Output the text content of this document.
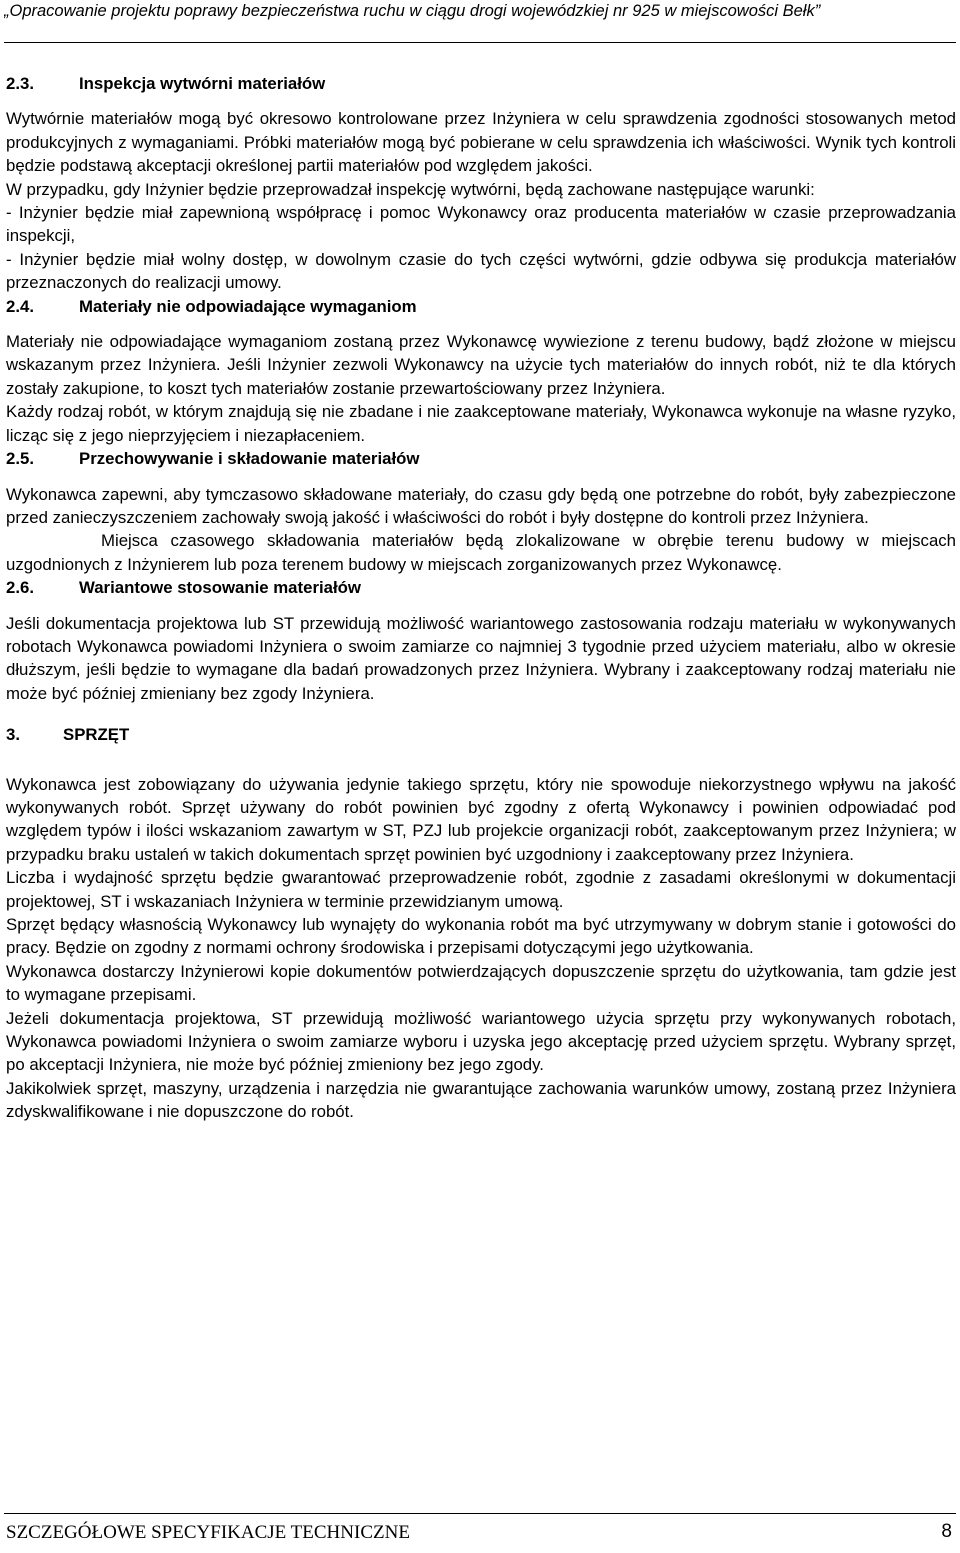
„Opracowanie projektu poprawy bezpieczeństwa ruchu w ciągu drogi wojewódzkiej nr 925 w miejscowości Bełk”

2.3.	Inspekcja wytwórni materiałów

Wytwórnie materiałów mogą być okresowo kontrolowane przez Inżyniera w celu sprawdzenia zgodności stosowanych metod produkcyjnych z wymaganiami. Próbki materiałów mogą być pobierane w celu sprawdzenia ich właściwości. Wynik tych kontroli będzie podstawą akceptacji określonej partii materiałów pod względem jakości.

W przypadku, gdy Inżynier będzie przeprowadzał inspekcję wytwórni, będą zachowane następujące warunki:

- Inżynier będzie miał zapewnioną współpracę i pomoc Wykonawcy oraz producenta materiałów w czasie przeprowadzania inspekcji,

- Inżynier będzie miał wolny dostęp, w dowolnym czasie do tych części wytwórni, gdzie odbywa się produkcja materiałów przeznaczonych do realizacji umowy.

2.4.	Materiały nie odpowiadające wymaganiom

Materiały nie odpowiadające wymaganiom zostaną przez Wykonawcę wywiezione z terenu budowy, bądź złożone w miejscu wskazanym przez Inżyniera. Jeśli Inżynier zezwoli Wykonawcy na użycie tych materiałów do innych robót, niż te dla których zostały zakupione, to koszt tych materiałów zostanie przewartościowany przez Inżyniera.

Każdy rodzaj robót, w którym znajdują się nie zbadane i nie zaakceptowane materiały, Wykonawca wykonuje na własne ryzyko, licząc się z jego nieprzyjęciem i niezapłaceniem.

2.5.	Przechowywanie i składowanie materiałów

Wykonawca zapewni, aby tymczasowo składowane materiały, do czasu gdy będą one potrzebne do robót, były zabezpieczone przed zanieczyszczeniem zachowały swoją jakość i właściwości do robót i były dostępne do kontroli przez Inżyniera.

Miejsca czasowego składowania materiałów będą zlokalizowane w obrębie terenu budowy w miejscach uzgodnionych z Inżynierem lub poza terenem budowy w miejscach zorganizowanych przez Wykonawcę.

2.6.	Wariantowe stosowanie materiałów

Jeśli dokumentacja projektowa lub ST przewidują możliwość wariantowego zastosowania rodzaju materiału w wykonywanych robotach Wykonawca powiadomi Inżyniera o swoim zamiarze co najmniej 3 tygodnie przed użyciem materiału, albo w okresie dłuższym, jeśli będzie to wymagane dla badań prowadzonych przez Inżyniera. Wybrany i zaakceptowany rodzaj materiału nie może być później zmieniany bez zgody Inżyniera.

3.	SPRZĘT

Wykonawca jest zobowiązany do używania jedynie takiego sprzętu, który nie spowoduje niekorzystnego wpływu na jakość wykonywanych robót. Sprzęt używany do robót powinien być zgodny z ofertą Wykonawcy i powinien odpowiadać pod względem typów i ilości wskazaniom zawartym w ST, PZJ lub projekcie organizacji robót, zaakceptowanym przez Inżyniera; w przypadku braku ustaleń w takich dokumentach sprzęt powinien być uzgodniony i zaakceptowany przez Inżyniera.

Liczba i wydajność sprzętu będzie gwarantować przeprowadzenie robót, zgodnie z zasadami określonymi w dokumentacji projektowej, ST i wskazaniach Inżyniera w terminie przewidzianym umową.

Sprzęt będący własnością Wykonawcy lub wynajęty do wykonania robót ma być utrzymywany w dobrym stanie i gotowości do pracy. Będzie on zgodny z normami ochrony środowiska i przepisami dotyczącymi jego użytkowania.

Wykonawca dostarczy Inżynierowi kopie dokumentów potwierdzających dopuszczenie sprzętu do użytkowania, tam gdzie jest to wymagane przepisami.

Jeżeli dokumentacja projektowa, ST przewidują możliwość wariantowego użycia sprzętu przy wykonywanych robotach, Wykonawca powiadomi Inżyniera o swoim zamiarze wyboru i uzyska jego akceptację przed użyciem sprzętu. Wybrany sprzęt, po akceptacji Inżyniera, nie może być później zmieniony bez jego zgody.

Jakikolwiek sprzęt, maszyny, urządzenia i narzędzia nie gwarantujące zachowania warunków umowy, zostaną przez Inżyniera zdyskwalifikowane i nie dopuszczone do robót.

SZCZEGÓŁOWE SPECYFIKACJE TECHNICZNE	8
